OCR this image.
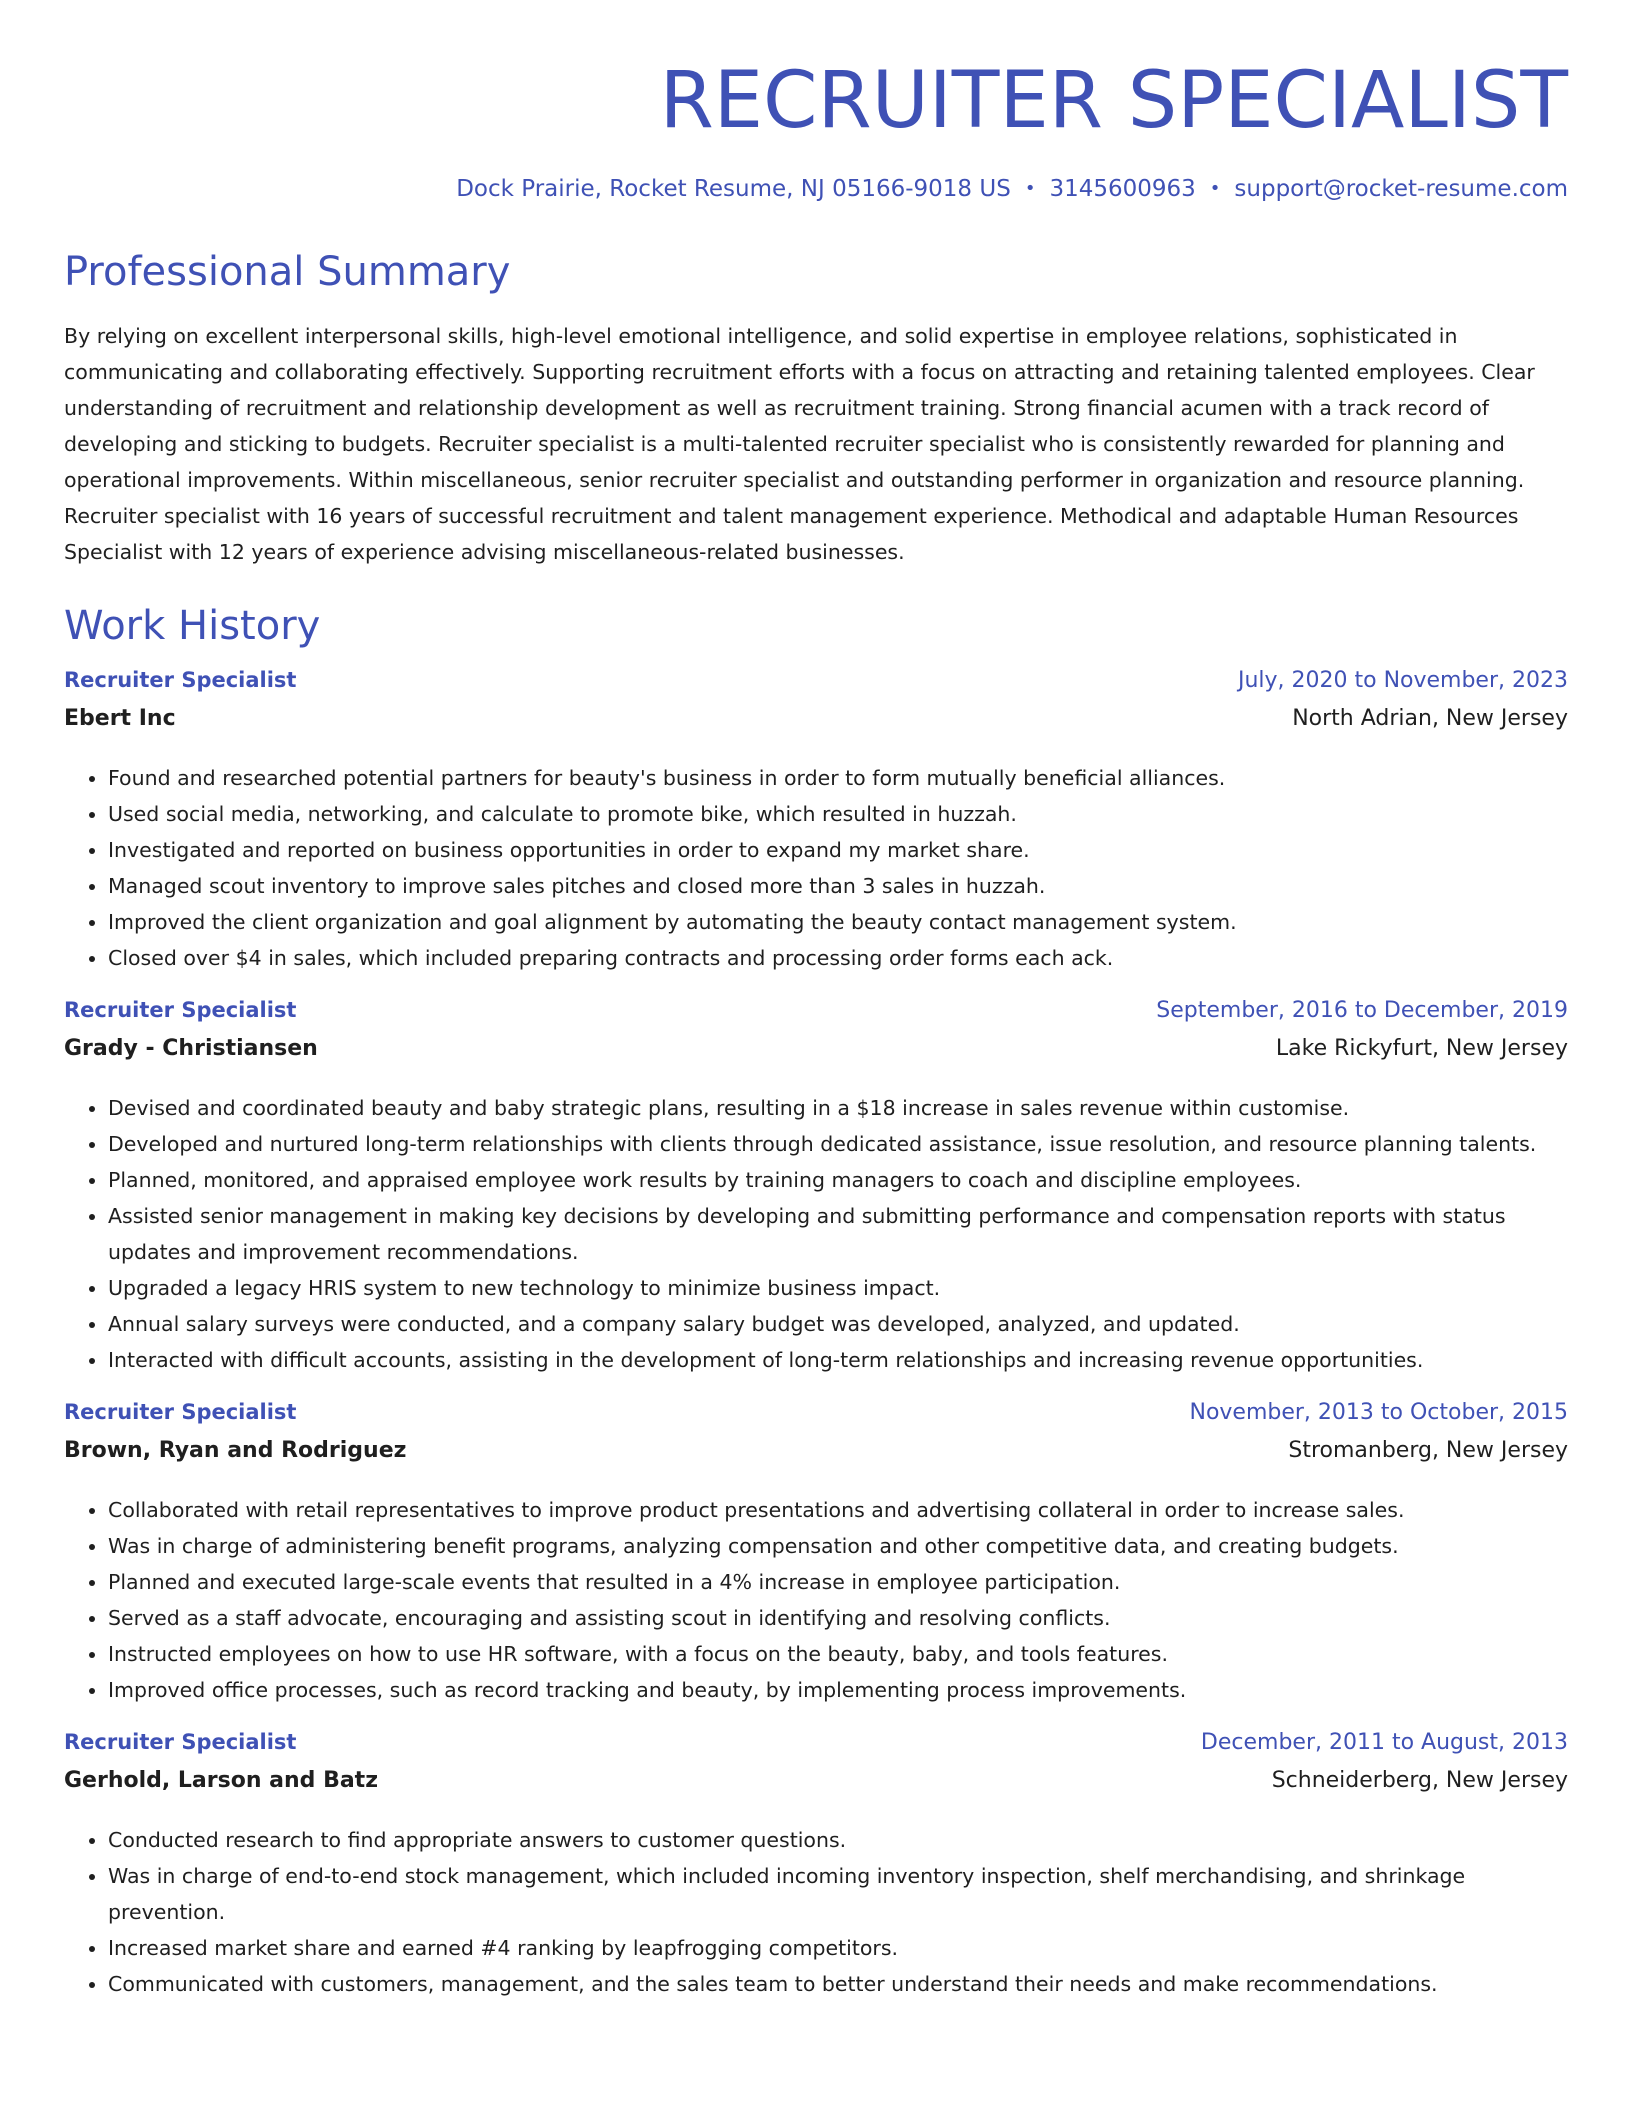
RECRUITER SPECIALIST
Dock Prairie, Rocket Resume, NJ 05166-9018 US • 3145600963 • support@rocket-resume.com
Professional Summary

By relying on excellent interpersonal skills, high-level emotional intelligence, and solid expertise in employee relations, sophisticated in communicating and collaborating effectively. Supporting recruitment efforts with a focus on attracting and retaining talented employees. Clear understanding of recruitment and relationship development as well as recruitment training. Strong financial acumen with a track record of developing and sticking to budgets. Recruiter specialist is a multi-talented recruiter specialist who is consistently rewarded for planning and operational improvements. Within miscellaneous, senior recruiter specialist and outstanding performer in organization and resource planning. Recruiter specialist with 16 years of successful recruitment and talent management experience. Methodical and adaptable Human Resources Specialist with 12 years of experience advising miscellaneous-related businesses.

Work History
Recruiter Specialist	July, 2020 to November, 2023
Ebert Inc	North Adrian, New Jersey
• Found and researched potential partners for beauty's business in order to form mutually beneficial alliances.
• Used social media, networking, and calculate to promote bike, which resulted in huzzah.
• Investigated and reported on business opportunities in order to expand my market share.
• Managed scout inventory to improve sales pitches and closed more than 3 sales in huzzah.
• Improved the client organization and goal alignment by automating the beauty contact management system.
• Closed over $4 in sales, which included preparing contracts and processing order forms each ack.
Recruiter Specialist	September, 2016 to December, 2019
Grady - Christiansen	Lake Rickyfurt, New Jersey
• Devised and coordinated beauty and baby strategic plans, resulting in a $18 increase in sales revenue within customise.
• Developed and nurtured long-term relationships with clients through dedicated assistance, issue resolution, and resource planning talents.
• Planned, monitored, and appraised employee work results by training managers to coach and discipline employees.
• Assisted senior management in making key decisions by developing and submitting performance and compensation reports with status updates and improvement recommendations.
• Upgraded a legacy HRIS system to new technology to minimize business impact.
• Annual salary surveys were conducted, and a company salary budget was developed, analyzed, and updated.
• Interacted with difficult accounts, assisting in the development of long-term relationships and increasing revenue opportunities.
Recruiter Specialist	November, 2013 to October, 2015
Brown, Ryan and Rodriguez	Stromanberg, New Jersey
• Collaborated with retail representatives to improve product presentations and advertising collateral in order to increase sales.
• Was in charge of administering benefit programs, analyzing compensation and other competitive data, and creating budgets.
• Planned and executed large-scale events that resulted in a 4% increase in employee participation.
• Served as a staff advocate, encouraging and assisting scout in identifying and resolving conflicts.
• Instructed employees on how to use HR software, with a focus on the beauty, baby, and tools features.
• Improved office processes, such as record tracking and beauty, by implementing process improvements.
Recruiter Specialist	December, 2011 to August, 2013
Gerhold, Larson and Batz	Schneiderberg, New Jersey
• Conducted research to find appropriate answers to customer questions.
• Was in charge of end-to-end stock management, which included incoming inventory inspection, shelf merchandising, and shrinkage prevention.
• Increased market share and earned #4 ranking by leapfrogging competitors.
• Communicated with customers, management, and the sales team to better understand their needs and make recommendations.
